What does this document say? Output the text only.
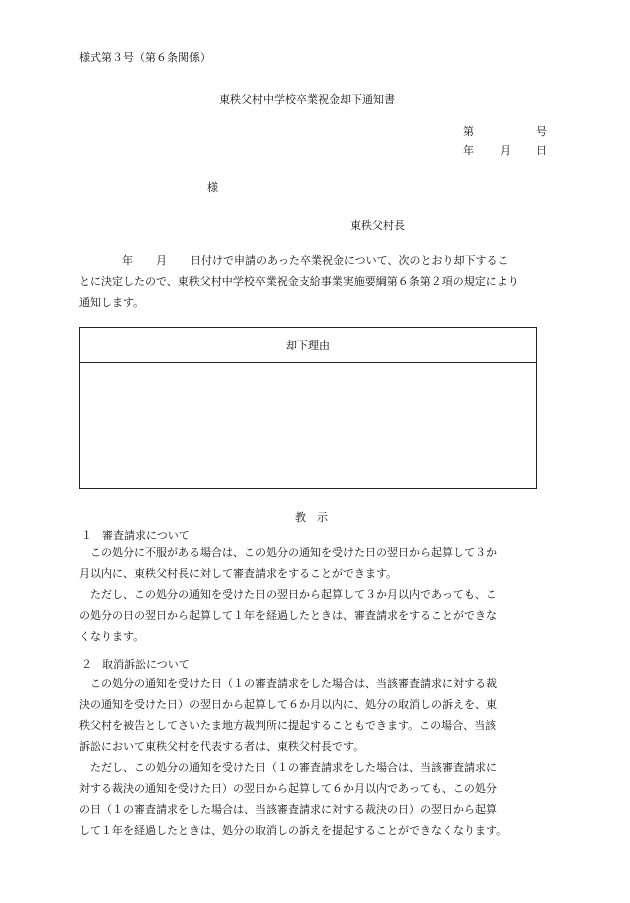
様式第３号（第６条関係）
東秩父村中学校卒業祝金却下通知書
第	号
年 月 日
様
東秩父村長
年 月 日付けで申請のあった卒業祝金について、次のとおり却下するこ
とに決定したので、東秩父村中学校卒業祝金支給事業実施要綱第６条第２項の規定により
通知します。
却下理由
教　示
１ 審査請求について
この処分に不服がある場合は、この処分の通知を受けた日の翌日から起算して３か
月以内に、東秩父村長に対して審査請求をすることができます。
ただし、この処分の通知を受けた日の翌日から起算して３か月以内であっても、こ
の処分の日の翌日から起算して１年を経過したときは、審査請求をすることができな
くなります。
２ 取消訴訟について
この処分の通知を受けた日（１の審査請求をした場合は、当該審査請求に対する裁
決の通知を受けた日）の翌日から起算して６か月以内に、処分の取消しの訴えを、東
秩父村を被告としてさいたま地方裁判所に提起することもできます。この場合、当該
訴訟において東秩父村を代表する者は、東秩父村長です。
ただし、この処分の通知を受けた日（１の審査請求をした場合は、当該審査請求に
対する裁決の通知を受けた日）の翌日から起算して６か月以内であっても、この処分
の日（１の審査請求をした場合は、当該審査請求に対する裁決の日）の翌日から起算
して１年を経過したときは、処分の取消しの訴えを提起することができなくなります。
